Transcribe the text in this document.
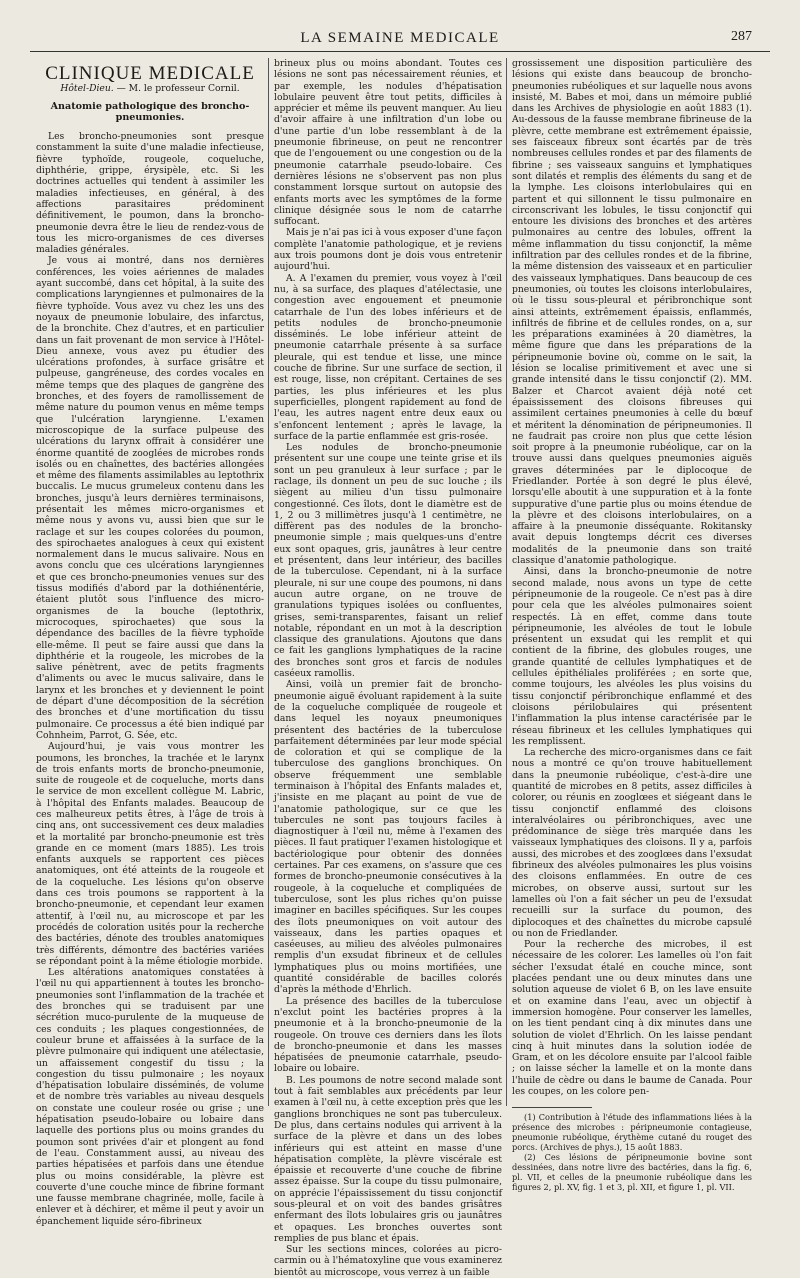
LA SEMAINE MEDICALE	287
CLINIQUE MEDICALE
Hôtel-Dieu. — M. le professeur Cornil.
Anatomie pathologique des broncho-pneumonies.

Les broncho-pneumonies sont presque constamment la suite d'une maladie infectieuse, fièvre typhoïde, rougeole, coqueluche, diphthérie, grippe, érysipèle, etc. Si les doctrines actuelles qui tendent à assimiler les maladies infectieuses, en général, à des affections parasitaires prédominent définitivement, le poumon, dans la broncho-pneumonie devra être le lieu de rendez-vous de tous les micro-organismes de ces diverses maladies générales.

Je vous ai montré, dans nos dernières conférences, les voies aériennes de malades ayant succombé, dans cet hôpital, à la suite des complications laryngiennes et pulmonaires de la fièvre typhoïde. Vous avez vu chez les uns des noyaux de pneumonie lobulaire, des infarctus, de la bronchite. Chez d'autres, et en particulier dans un fait provenant de mon service à l'Hôtel-Dieu annexe, vous avez pu étudier des ulcérations profondes, à surface grisâtre et pulpeuse, gangréneuse, des cordes vocales en même temps que des plaques de gangrène des bronches, et des foyers de ramollissement de même nature du poumon venus en même temps que l'ulcération laryngienne. L'examen microscopique de la surface pulpeuse des ulcérations du larynx offrait à considérer une énorme quantité de zooglées de microbes ronds isolés ou en chaînettes, des bactéries allongées et même des filaments assimilables au leptothrix buccalis. Le mucus grumeleux contenu dans les bronches, jusqu'à leurs dernières terminaisons, présentait les mêmes micro-organismes et même nous y avons vu, aussi bien que sur le raclage et sur les coupes colorées du poumon, des spirochaetes analogues à ceux qui existent normalement dans le mucus salivaire. Nous en avons conclu que ces ulcérations laryngiennes et que ces broncho-pneumonies venues sur des tissus modifiés d'abord par la dothiénentérie, étaient plutôt sous l'influence des micro-organismes de la bouche (leptothrix, microcoques, spirochaetes) que sous la dépendance des bacilles de la fièvre typhoïde elle-même. Il peut se faire aussi que dans la diphthérie et la rougeole, les microbes de la salive pénètrent, avec de petits fragments d'aliments ou avec le mucus salivaire, dans le larynx et les bronches et y deviennent le point de départ d'une décomposition de la sécrétion des bronches et d'une mortification du tissu pulmonaire. Ce processus a été bien indiqué par Cohnheim, Parrot, G. Sée, etc.

Aujourd'hui, je vais vous montrer les poumons, les bronches, la trachée et le larynx de trois enfants morts de broncho-pneumonie, suite de rougeole et de coqueluche, morts dans le service de mon excellent collègue M. Labric, à l'hôpital des Enfants malades. Beaucoup de ces malheureux petits êtres, à l'âge de trois à cinq ans, ont successivement ces deux maladies et la mortalité par broncho-pneumonie est très grande en ce moment (mars 1885). Les trois enfants auxquels se rapportent ces pièces anatomiques, ont été atteints de la rougeole et de la coqueluche. Les lésions qu'on observe dans ces trois poumons se rapportent à la broncho-pneumonie, et cependant leur examen attentif, à l'œil nu, au microscope et par les procédés de coloration usités pour la recherche des bactéries, dénote des troubles anatomiques très différents, démontre des bactéries variées se répondant point à la même étiologie morbide.

Les altérations anatomiques constatées à l'œil nu qui appartiennent à toutes les broncho-pneumonies sont l'inflammation de la trachée et des bronches qui se traduisent par une sécrétion muco-purulente de la muqueuse de ces conduits ; les plaques congestionnées, de couleur brune et affaissées à la surface de la plèvre pulmonaire qui indiquent une atélectasie, un affaissement congestif du tissu ; la congestion du tissu pulmonaire ; les noyaux d'hépatisation lobulaire disséminés, de volume et de nombre très variables au niveau desquels on constate une couleur rosée ou grise ; une hépatisation pseudo-lobaire ou lobaire dans laquelle des portions plus ou moins grandes du poumon sont privées d'air et plongent au fond de l'eau. Constamment aussi, au niveau des parties hépatisées et parfois dans une étendue plus ou moins considérable, la plèvre est couverte d'une couche mince de fibrine formant une fausse membrane chagrinée, molle, facile à enlever et à déchirer, et même il peut y avoir un épanchement liquide séro-fibrineux

brineux plus ou moins abondant. Toutes ces lésions ne sont pas nécessairement réunies, et par exemple, les nodules d'hépatisation lobulaire peuvent être tout petits, difficiles à apprécier et même ils peuvent manquer. Au lieu d'avoir affaire à une infiltration d'un lobe ou d'une partie d'un lobe ressemblant à de la pneumonie fibrineuse, on peut ne rencontrer que de l'engouement ou une congestion ou de la pneumonie catarrhale pseudo-lobaire. Ces dernières lésions ne s'observent pas non plus constamment lorsque surtout on autopsie des enfants morts avec les symptômes de la forme clinique désignée sous le nom de catarrhe suffocant.

Mais je n'ai pas ici à vous exposer d'une façon complète l'anatomie pathologique, et je reviens aux trois poumons dont je dois vous entretenir aujourd'hui.

A. A l'examen du premier, vous voyez à l'œil nu, à sa surface, des plaques d'atélectasie, une congestion avec engouement et pneumonie catarrhale de l'un des lobes inférieurs et de petits nodules de broncho-pneumonie disséminés. Le lobe inférieur atteint de pneumonie catarrhale présente à sa surface pleurale, qui est tendue et lisse, une mince couche de fibrine. Sur une surface de section, il est rouge, lisse, non crépitant. Certaines de ses parties, les plus inférieures et les plus superficielles, plongent rapidement au fond de l'eau, les autres nagent entre deux eaux ou s'enfoncent lentement ; après le lavage, la surface de la partie enflammée est gris-rosée.

Les nodules de broncho-pneumonie présentent sur une coupe une teinte grise et ils sont un peu granuleux à leur surface ; par le raclage, ils donnent un peu de suc louche ; ils siègent au milieu d'un tissu pulmonaire congestionné. Ces îlots, dont le diamètre est de 1, 2 ou 3 millimètres jusqu'à 1 centimètre, ne diffèrent pas des nodules de la broncho-pneumonie simple ; mais quelques-uns d'entre eux sont opaques, gris, jaunâtres à leur centre et présentent, dans leur intérieur, des bacilles de la tuberculose. Cependant, ni à la surface pleurale, ni sur une coupe des poumons, ni dans aucun autre organe, on ne trouve de granulations typiques isolées ou confluentes, grises, semi-transparentes, faisant un relief notable, répondant en un mot à la description classique des granulations. Ajoutons que dans ce fait les ganglions lymphatiques de la racine des bronches sont gros et farcis de nodules caséeux ramollis.

Ainsi, voilà un premier fait de broncho-pneumonie aiguë évoluant rapidement à la suite de la coqueluche compliquée de rougeole et dans lequel les noyaux pneumoniques présentent des bactéries de la tuberculose parfaitement déterminées par leur mode spécial de coloration et qui se complique de la tuberculose des ganglions bronchiques. On observe fréquemment une semblable terminaison à l'hôpital des Enfants malades et, j'insiste en me plaçant au point de vue de l'anatomie pathologique, sur ce que les tubercules ne sont pas toujours faciles à diagnostiquer à l'œil nu, même à l'examen des pièces. Il faut pratiquer l'examen histologique et bactériologique pour obtenir des données certaines. Par ces examens, on s'assure que ces formes de broncho-pneumonie consécutives à la rougeole, à la coqueluche et compliquées de tuberculose, sont les plus riches qu'on puisse imaginer en bacilles spécifiques. Sur les coupes des îlots pneumoniques on voit autour des vaisseaux, dans les parties opaques et caséeuses, au milieu des alvéoles pulmonaires remplis d'un exsudat fibrineux et de cellules lymphatiques plus ou moins mortifiées, une quantité considérable de bacilles colorés d'après la méthode d'Ehrlich.

La présence des bacilles de la tuberculose n'exclut point les bactéries propres à la pneumonie et à la broncho-pneumonie de la rougeole. On trouve ces derniers dans les îlots de broncho-pneumonie et dans les masses hépatisées de pneumonie catarrhale, pseudo-lobaire ou lobaire.

B. Les poumons de notre second malade sont tout à fait semblables aux précédents par leur examen à l'œil nu, à cette exception près que les ganglions bronchiques ne sont pas tuberculeux. De plus, dans certains nodules qui arrivent à la surface de la plèvre et dans un des lobes inférieurs qui est atteint en masse d'une hépatisation complète, la plèvre viscérale est épaissie et recouverte d'une couche de fibrine assez épaisse. Sur la coupe du tissu pulmonaire, on apprécie l'épaississement du tissu conjonctif sous-pleural et on voit des bandes grisâtres enfermant des îlots lobulaires gris ou jaunâtres et opaques. Les bronches ouvertes sont remplies de pus blanc et épais.

Sur les sections minces, colorées au picro-carmin ou à l'hématoxyline que vous examinerez bientôt au microscope, vous verrez à un faible

grossissement une disposition particulière des lésions qui existe dans beaucoup de broncho-pneumonies rubéoliques et sur laquelle nous avons insisté, M. Babes et moi, dans un mémoire publié dans les Archives de physiologie en août 1883 (1). Au-dessous de la fausse membrane fibrineuse de la plèvre, cette membrane est extrêmement épaissie, ses faisceaux fibreux sont écartés par de très nombreuses cellules rondes et par des filaments de fibrine ; ses vaisseaux sanguins et lymphatiques sont dilatés et remplis des éléments du sang et de la lymphe. Les cloisons interlobulaires qui en partent et qui sillonnent le tissu pulmonaire en circonscrivant les lobules, le tissu conjonctif qui entoure les divisions des bronches et des artères pulmonaires au centre des lobules, offrent la même inflammation du tissu conjonctif, la même infiltration par des cellules rondes et de la fibrine, la même distension des vaisseaux et en particulier des vaisseaux lymphatiques. Dans beaucoup de ces pneumonies, où toutes les cloisons interlobulaires, où le tissu sous-pleural et péribronchique sont ainsi atteints, extrêmement épaissis, enflammés, infiltrés de fibrine et de cellules rondes, on a, sur les préparations examinées à 20 diamètres, la même figure que dans les préparations de la péripneumonie bovine où, comme on le sait, la lésion se localise primitivement et avec une si grande intensité dans le tissu conjonctif (2). MM. Balzer et Charcot avaient déjà noté cet épaississement des cloisons fibreuses qui assimilent certaines pneumonies à celle du bœuf et méritent la dénomination de péripneumonies. Il ne faudrait pas croire non plus que cette lésion soit propre à la pneumonie rubéolique, car on la trouve aussi dans quelques pneumonies aiguës graves déterminées par le diplocoque de Friedlander. Portée à son degré le plus élevé, lorsqu'elle aboutit à une suppuration et à la fonte suppurative d'une partie plus ou moins étendue de la plèvre et des cloisons interlobulaires, on a affaire à la pneumonie disséquante. Rokitansky avait depuis longtemps décrit ces diverses modalités de la pneumonie dans son traité classique d'anatomie pathologique.

Ainsi, dans la broncho-pneumonie de notre second malade, nous avons un type de cette péripneumonie de la rougeole. Ce n'est pas à dire pour cela que les alvéoles pulmonaires soient respectés. Là en effet, comme dans toute péripneumonie, les alvéoles de tout le lobule présentent un exsudat qui les remplit et qui contient de la fibrine, des globules rouges, une grande quantité de cellules lymphatiques et de cellules épithéliales proliférées ; en sorte que, comme toujours, les alvéoles les plus voisins du tissu conjonctif péribronchique enflammé et des cloisons périlobulaires qui présentent l'inflammation la plus intense caractérisée par le réseau fibrineux et les cellules lymphatiques qui les remplissent.

La recherche des micro-organismes dans ce fait nous a montré ce qu'on trouve habituellement dans la pneumonie rubéolique, c'est-à-dire une quantité de microbes en 8 petits, assez difficiles à colorer, ou réunis en zooglœes et siégeant dans le tissu conjonctif enflammé des cloisons interalvéolaires ou péribronchiques, avec une prédominance de siège très marquée dans les vaisseaux lymphatiques des cloisons. Il y a, parfois aussi, des microbes et des zooglœes dans l'exsudat fibrineux des alvéoles pulmonaires les plus voisins des cloisons enflammées. En outre de ces microbes, on observe aussi, surtout sur les lamelles où l'on a fait sécher un peu de l'exsudat recueilli sur la surface du poumon, des diplocoques et des chaînettes du microbe capsulé ou non de Friedlander.

Pour la recherche des microbes, il est nécessaire de les colorer. Les lamelles où l'on fait sécher l'exsudat étalé en couche mince, sont placées pendant une ou deux minutes dans une solution aqueuse de violet 6 B, on les lave ensuite et on examine dans l'eau, avec un objectif à immersion homogène. Pour conserver les lamelles, on les tient pendant cinq à dix minutes dans une solution de violet d'Ehrlich. On les laisse pendant cinq à huit minutes dans la solution iodée de Gram, et on les décolore ensuite par l'alcool faible ; on laisse sécher la lamelle et on la monte dans l'huile de cèdre ou dans le baume de Canada. Pour les coupes, on les colore pen-

(1) Contribution à l'étude des inflammations liées à la présence des microbes : péripneumonie contagieuse, pneumonie rubéolique, érythème cutané du rouget des porcs. (Archives de phys.), 15 août 1883.

(2) Ces lésions de péripneumonie bovine sont dessinées, dans notre livre des bactéries, dans la fig. 6, pl. VII, et celles de la pneumonie rubéolique dans les figures 2, pl. XV, fig. 1 et 3, pl. XII, et figure 1, pl. VII.
